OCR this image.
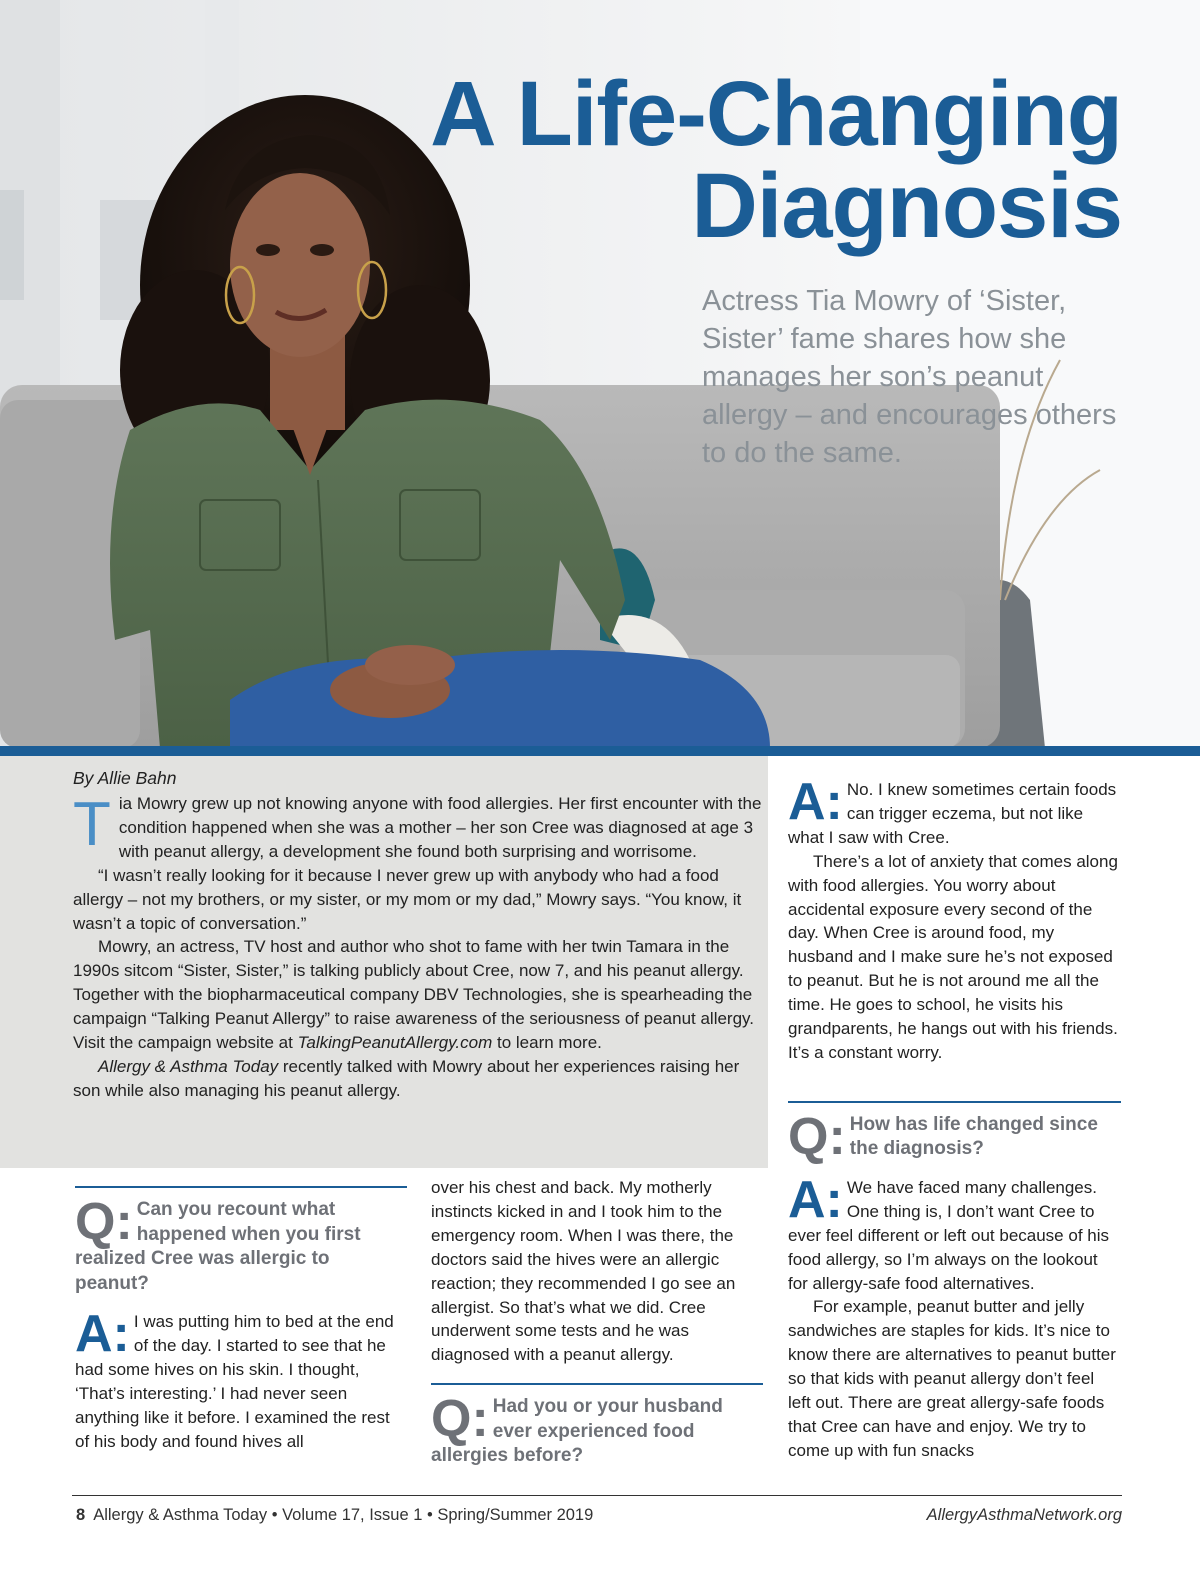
A Life-Changing
Diagnosis

Actress Tia Mowry of ‘Sister, Sister’ fame shares how she manages her son’s peanut allergy – and encourages others to do the same.

By Allie Bahn

Tia Mowry grew up not knowing anyone with food allergies. Her first encounter with the condition happened when she was a mother – her son Cree was diagnosed at age 3 with peanut allergy, a development she found both surprising and worrisome.

“I wasn’t really looking for it because I never grew up with anybody who had a food allergy – not my brothers, or my sister, or my mom or my dad,” Mowry says. “You know, it wasn’t a topic of conversation.”

Mowry, an actress, TV host and author who shot to fame with her twin Tamara in the 1990s sitcom “Sister, Sister,” is talking publicly about Cree, now 7, and his peanut allergy. Together with the biopharmaceutical company DBV Technologies, she is spearheading the campaign “Talking Peanut Allergy” to raise awareness of the seriousness of peanut allergy. Visit the campaign website at TalkingPeanutAllergy.com to learn more.

Allergy & Asthma Today recently talked with Mowry about her experiences raising her son while also managing his peanut allergy.

Q: Can you recount what happened when you first realized Cree was allergic to peanut?
A: I was putting him to bed at the end of the day. I started to see that he had some hives on his skin. I thought, ‘That’s interesting.’ I had never seen anything like it before. I examined the rest of his body and found hives all
over his chest and back. My motherly instincts kicked in and I took him to the emergency room. When I was there, the doctors said the hives were an allergic reaction; they recommended I go see an allergist. So that’s what we did. Cree underwent some tests and he was diagnosed with a peanut allergy.
Q: Had you or your husband ever experienced food allergies before?
A: No. I knew sometimes certain foods can trigger eczema, but not like what I saw with Cree.
There’s a lot of anxiety that comes along with food allergies. You worry about accidental exposure every second of the day. When Cree is around food, my husband and I make sure he’s not exposed to peanut. But he is not around me all the time. He goes to school, he visits his grandparents, he hangs out with his friends. It’s a constant worry.
Q: How has life changed since the diagnosis?
A: We have faced many challenges. One thing is, I don’t want Cree to ever feel different or left out because of his food allergy, so I’m always on the lookout for allergy-safe food alternatives.
For example, peanut butter and jelly sandwiches are staples for kids. It’s nice to know there are alternatives to peanut butter so that kids with peanut allergy don’t feel left out. There are great allergy-safe foods that Cree can have and enjoy. We try to come up with fun snacks
8 Allergy & Asthma Today • Volume 17, Issue 1 • Spring/Summer 2019	AllergyAsthmaNetwork.org
